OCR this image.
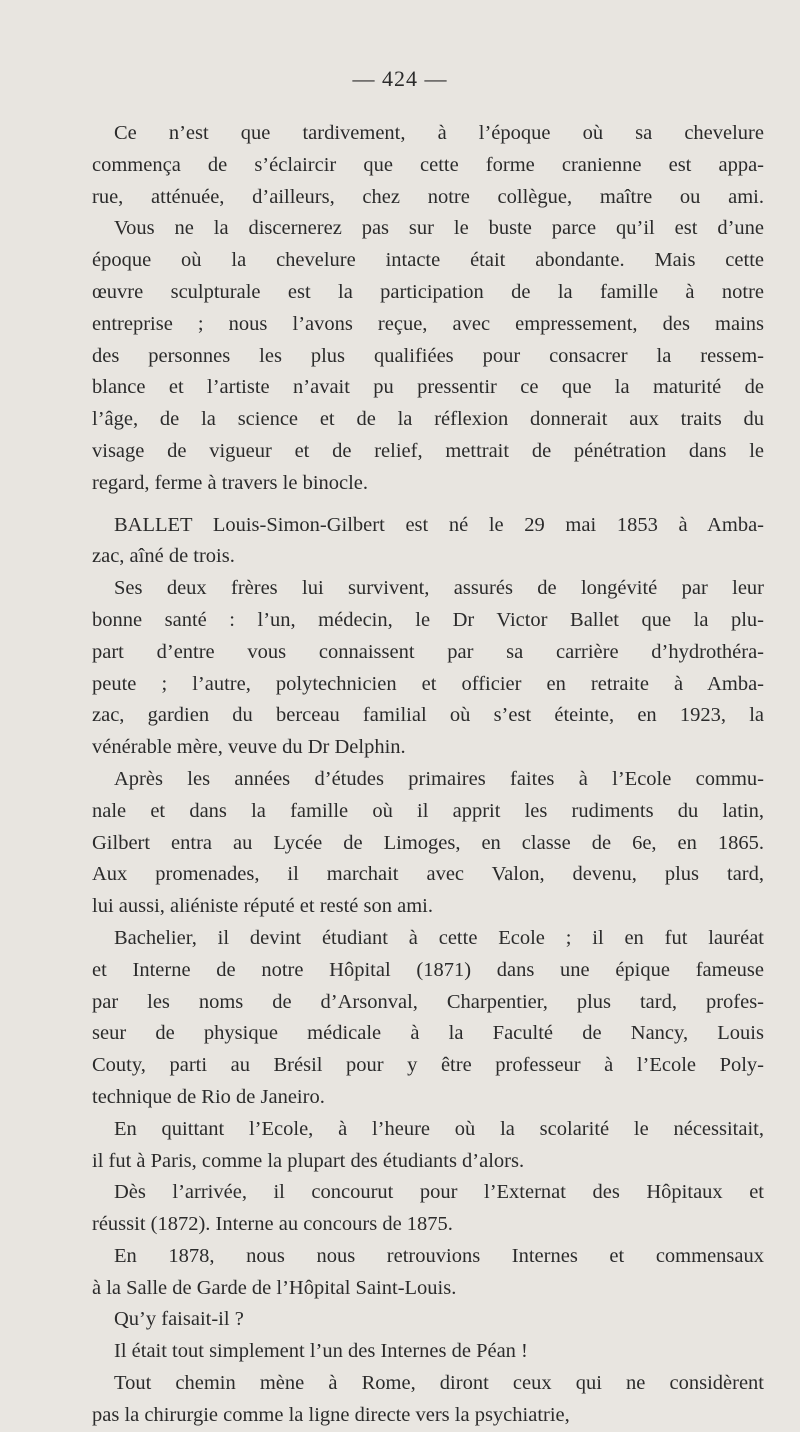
— 424 —
Ce n’est que tardivement, à l’époque où sa chevelure
commença de s’éclaircir que cette forme cranienne est appa-
rue, atténuée, d’ailleurs, chez notre collègue, maître ou ami.
Vous ne la discernerez pas sur le buste parce qu’il est d’une
époque où la chevelure intacte était abondante. Mais cette
œuvre sculpturale est la participation de la famille à notre
entreprise ; nous l’avons reçue, avec empressement, des mains
des personnes les plus qualifiées pour consacrer la ressem-
blance et l’artiste n’avait pu pressentir ce que la maturité de
l’âge, de la science et de la réflexion donnerait aux traits du
visage de vigueur et de relief, mettrait de pénétration dans le
regard, ferme à travers le binocle.
BALLET Louis-Simon-Gilbert est né le 29 mai 1853 à Amba-
zac, aîné de trois.
Ses deux frères lui survivent, assurés de longévité par leur
bonne santé : l’un, médecin, le Dr Victor Ballet que la plu-
part d’entre vous connaissent par sa carrière d’hydrothéra-
peute ; l’autre, polytechnicien et officier en retraite à Amba-
zac, gardien du berceau familial où s’est éteinte, en 1923, la
vénérable mère, veuve du Dr Delphin.
Après les années d’études primaires faites à l’Ecole commu-
nale et dans la famille où il apprit les rudiments du latin,
Gilbert entra au Lycée de Limoges, en classe de 6e, en 1865.
Aux promenades, il marchait avec Valon, devenu, plus tard,
lui aussi, aliéniste réputé et resté son ami.
Bachelier, il devint étudiant à cette Ecole ; il en fut lauréat
et Interne de notre Hôpital (1871) dans une épique fameuse
par les noms de d’Arsonval, Charpentier, plus tard, profes-
seur de physique médicale à la Faculté de Nancy, Louis
Couty, parti au Brésil pour y être professeur à l’Ecole Poly-
technique de Rio de Janeiro.
En quittant l’Ecole, à l’heure où la scolarité le nécessitait,
il fut à Paris, comme la plupart des étudiants d’alors.
Dès l’arrivée, il concourut pour l’Externat des Hôpitaux et
réussit (1872). Interne au concours de 1875.
En 1878, nous nous retrouvions Internes et commensaux
à la Salle de Garde de l’Hôpital Saint-Louis.
Qu’y faisait-il ?
Il était tout simplement l’un des Internes de Péan !
Tout chemin mène à Rome, diront ceux qui ne considèrent
pas la chirurgie comme la ligne directe vers la psychiatrie,
